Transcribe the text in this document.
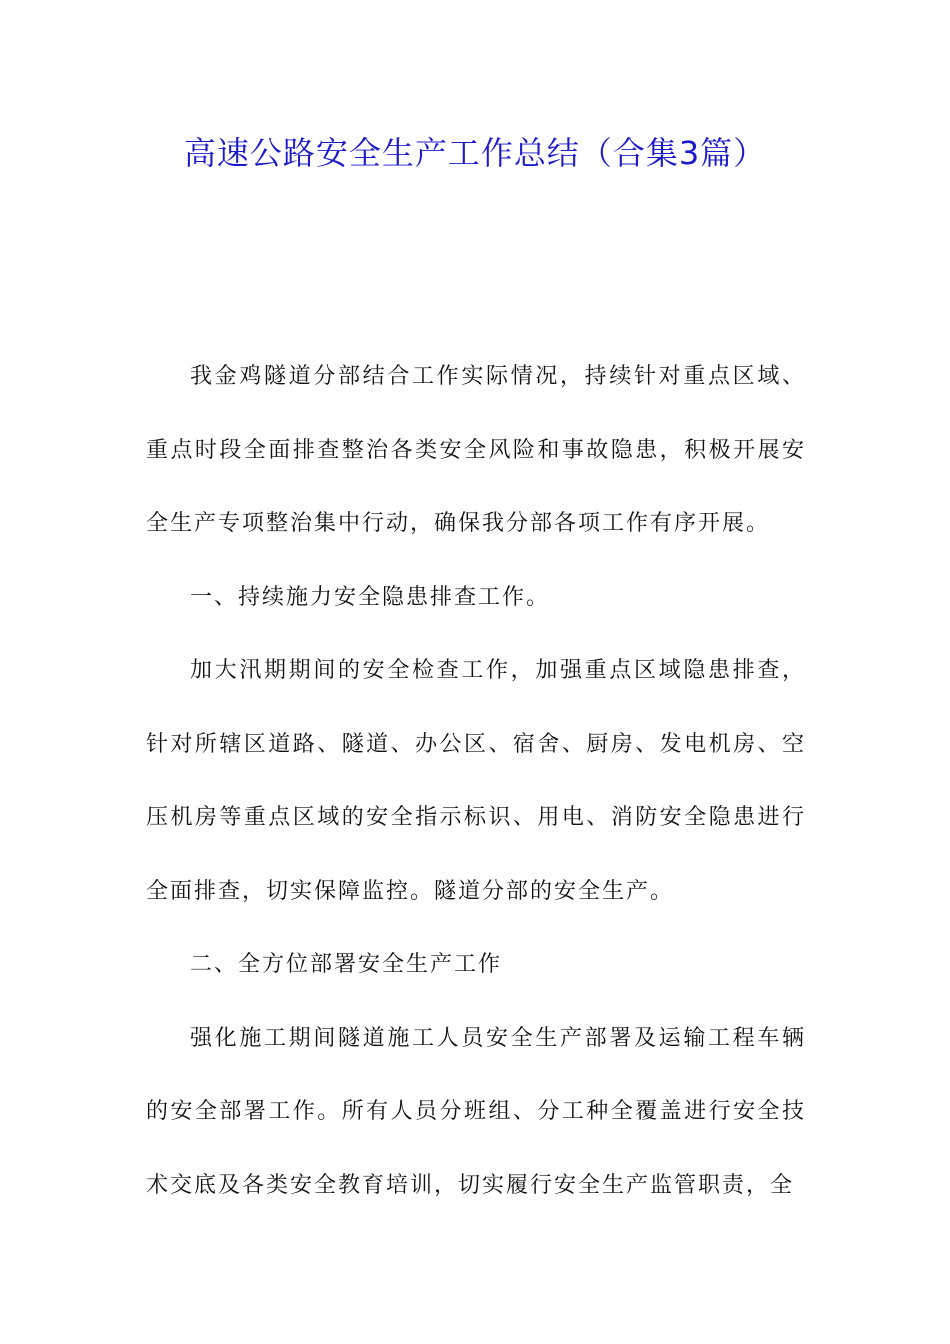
高速公路安全生产工作总结（合集3篇）

我金鸡隧道分部结合工作实际情况，持续针对重点区域、重点时段全面排查整治各类安全风险和事故隐患，积极开展安全生产专项整治集中行动，确保我分部各项工作有序开展。

一、持续施力安全隐患排查工作。

加大汛期期间的安全检查工作，加强重点区域隐患排查，针对所辖区道路、隧道、办公区、宿舍、厨房、发电机房、空压机房等重点区域的安全指示标识、用电、消防安全隐患进行全面排查，切实保障监控。隧道分部的安全生产。

二、全方位部署安全生产工作

强化施工期间隧道施工人员安全生产部署及运输工程车辆的安全部署工作。所有人员分班组、分工种全覆盖进行安全技术交底及各类安全教育培训，切实履行安全生产监管职责，全
